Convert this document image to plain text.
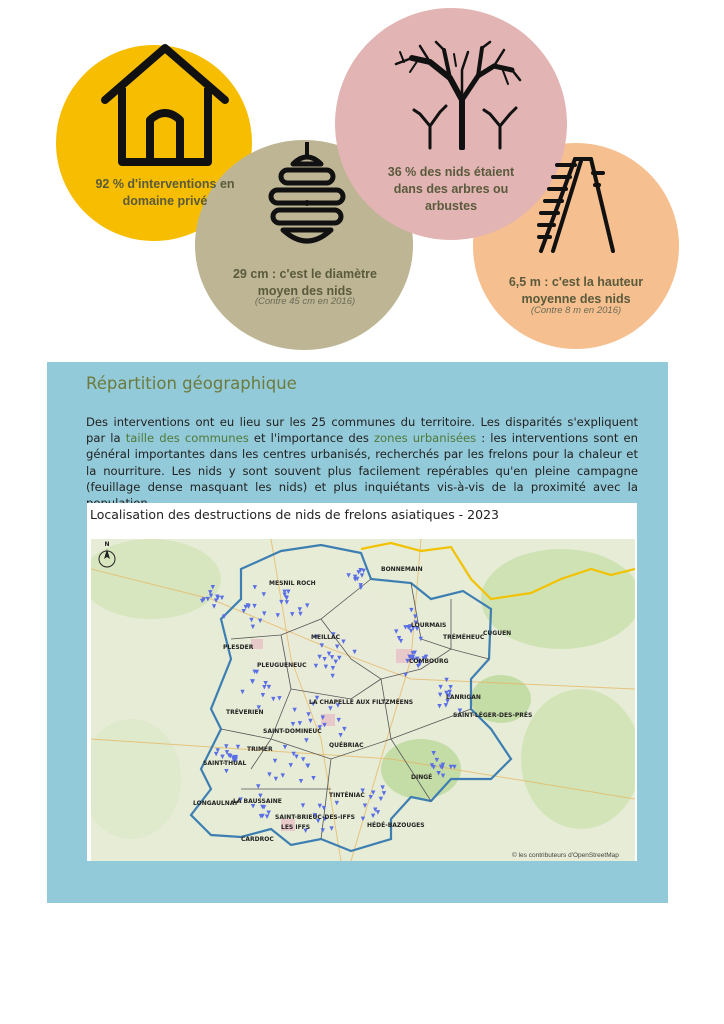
92 % d'interventions en domaine privé
29 cm : c'est le diamètre moyen des nids
(Contre 45 cm en 2016)
36 % des nids étaient dans des arbres ou arbustes
6,5 m : c'est la hauteur moyenne des nids
(Contre 8 m en 2016)
Répartition géographique
Des interventions ont eu lieu sur les 25 communes du territoire. Les disparités s'expliquent par la taille des communes et l'importance des zones urbanisées : les interventions sont en général importantes dans les centres urbanisés, recherchés par les frelons pour la chaleur et la nourriture. Les nids y sont souvent plus facilement repérables qu'en pleine campagne (feuillage dense masquant les nids) et plus inquiétants vis-à-vis de la proximité avec la
Localisation des destructions de nids de frelons asiatiques - 2023
N
MESNIL ROCH
BONNEMAIN
LOURMAIS
TRÉMÉHEUC
CUGUEN
MEILLAC
PLESDER
PLEUGUENEUC
COMBOURG
LANRIGAN
TRÉVERIEN
LA CHAPELLE AUX FILTZMÉENS
SAINT-LÉGER-DES-PRÉS
SAINT-DOMINEUC
QUÉBRIAC
TRIMER
SAINT-THUAL
DINGÉ
LA BAUSSAINE
TINTÉNIAC
LONGAULNAY
SAINT-BRIEUC-DES-IFFS
LES IFFS	HÉDÉ-BAZOUGES
CARDROC
© les contributeurs d'OpenStreetMap
